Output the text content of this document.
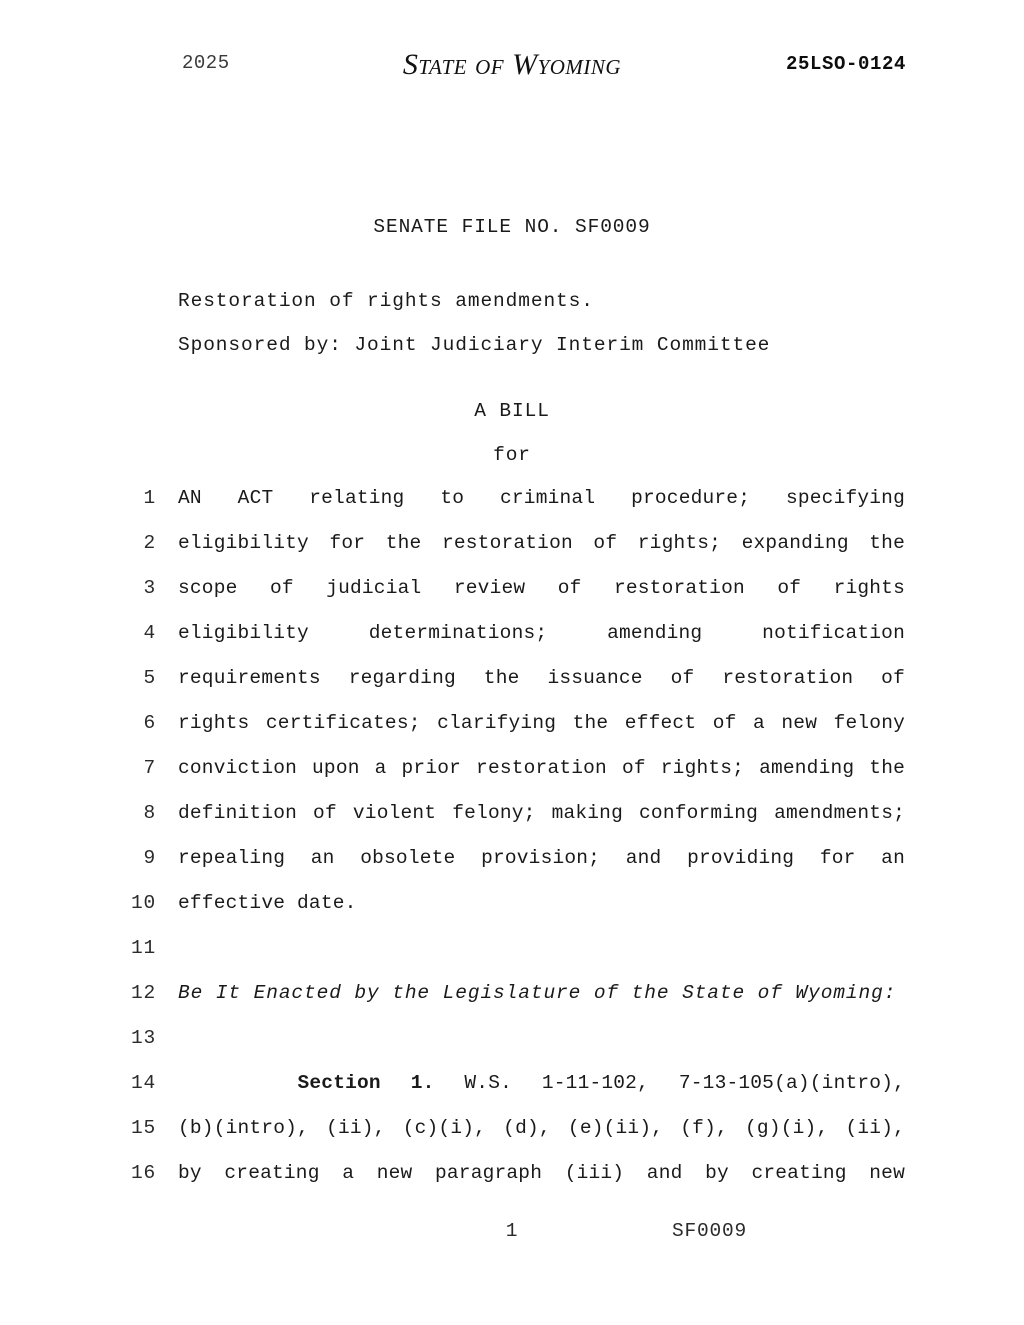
2025	State of Wyoming	25LSO-0124
SENATE FILE NO. SF0009
Restoration of rights amendments.
Sponsored by: Joint Judiciary Interim Committee
A BILL
for
1 AN ACT relating to criminal procedure; specifying
2 eligibility for the restoration of rights; expanding the
3 scope of judicial review of restoration of rights
4 eligibility determinations; amending notification
5 requirements regarding the issuance of restoration of
6 rights certificates; clarifying the effect of a new felony
7 conviction upon a prior restoration of rights; amending the
8 definition of violent felony; making conforming amendments;
9 repealing an obsolete provision; and providing for an
10 effective date.
11

12 Be It Enacted by the Legislature of the State of Wyoming:
13

14	Section 1. W.S. 1-11-102, 7-13-105(a)(intro),
15 (b)(intro), (ii), (c)(i), (d), (e)(ii), (f), (g)(i), (ii),
16 by creating a new paragraph (iii) and by creating new
1	SF0009
